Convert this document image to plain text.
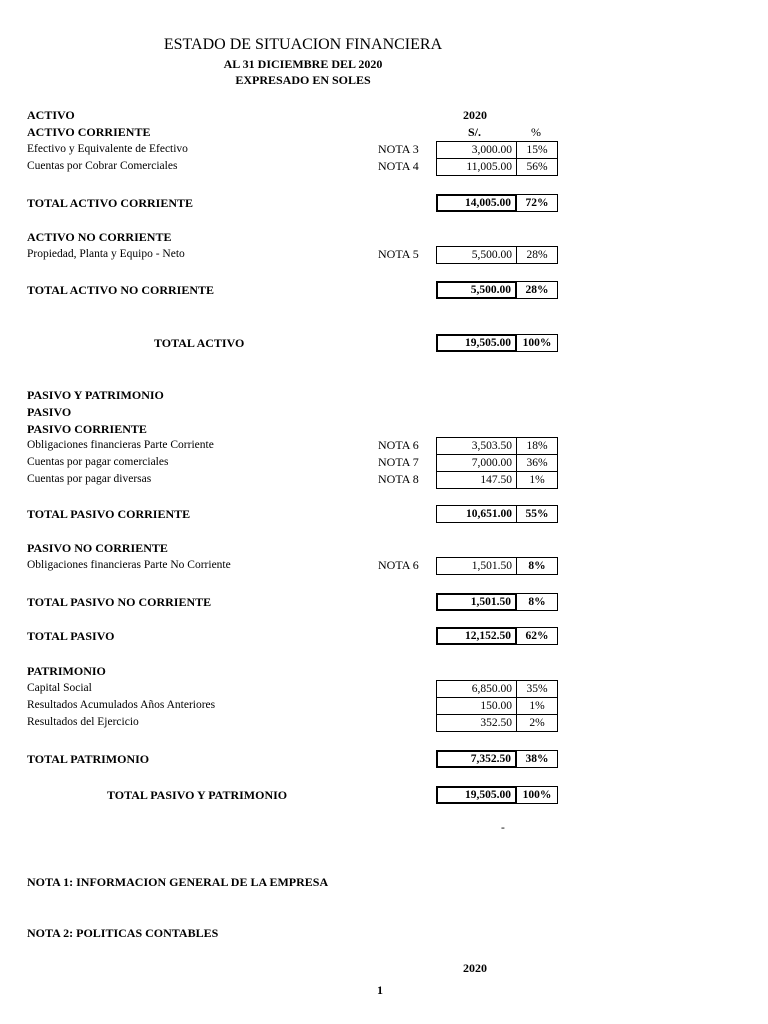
ESTADO DE SITUACION FINANCIERA
AL 31 DICIEMBRE DEL 2020
EXPRESADO EN SOLES
ACTIVO	2020
ACTIVO CORRIENTE	S/.	%
Efectivo y Equivalente de Efectivo	NOTA 3	3,000.00	15%
Cuentas por Cobrar Comerciales	NOTA 4	11,005.00	56%
TOTAL ACTIVO CORRIENTE	14,005.00	72%
ACTIVO NO CORRIENTE
Propiedad, Planta y Equipo - Neto	NOTA 5	5,500.00	28%
TOTAL ACTIVO NO CORRIENTE	5,500.00	28%
TOTAL ACTIVO	19,505.00	100%
PASIVO Y PATRIMONIO
PASIVO
PASIVO CORRIENTE
Obligaciones financieras Parte Corriente	NOTA 6	3,503.50	18%
Cuentas por pagar comerciales	NOTA 7	7,000.00	36%
Cuentas por pagar diversas	NOTA 8	147.50	1%
TOTAL PASIVO CORRIENTE	10,651.00	55%
PASIVO NO CORRIENTE
Obligaciones financieras Parte No Corriente	NOTA 6	1,501.50	8%
TOTAL PASIVO NO CORRIENTE	1,501.50	8%
TOTAL PASIVO	12,152.50	62%
PATRIMONIO
Capital Social	6,850.00	35%
Resultados Acumulados Años Anteriores	150.00	1%
Resultados del Ejercicio	352.50	2%
TOTAL PATRIMONIO	7,352.50	38%
TOTAL PASIVO Y PATRIMONIO	19,505.00	100%
-
NOTA 1: INFORMACION GENERAL DE LA EMPRESA
NOTA 2: POLITICAS CONTABLES
2020
1
